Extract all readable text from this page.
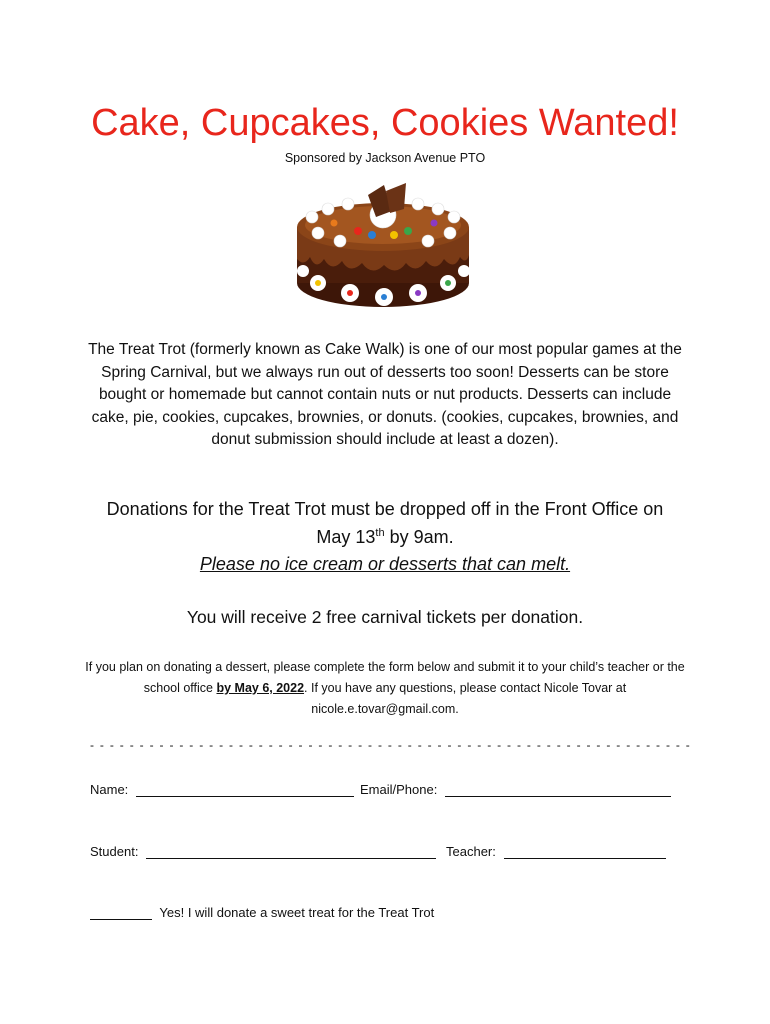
Cake, Cupcakes, Cookies Wanted!
Sponsored by Jackson Avenue PTO
The Treat Trot (formerly known as Cake Walk) is one of our most popular games at the Spring Carnival, but we always run out of desserts too soon! Desserts can be store bought or homemade but cannot contain nuts or nut products. Desserts can include cake, pie, cookies, cupcakes, brownies, or donuts. (cookies, cupcakes, brownies, and donut submission should include at least a dozen).
Donations for the Treat Trot must be dropped off in the Front Office on
May 13th by 9am.
Please no ice cream or desserts that can melt.
You will receive 2 free carnival tickets per donation.
If you plan on donating a dessert, please complete the form below and submit it to your child’s teacher or the school office by May 6, 2022. If you have any questions, please contact Nicole Tovar at nicole.e.tovar@gmail.com.
- - - - - - - - - - - - - - - - - - - - - - - - - - - - - - - - - - - - - - - - - - - - - - - - - - - - - - - - - - - - -
Name:	Email/Phone:
Student:	Teacher:
Yes! I will donate a sweet treat for the Treat Trot
